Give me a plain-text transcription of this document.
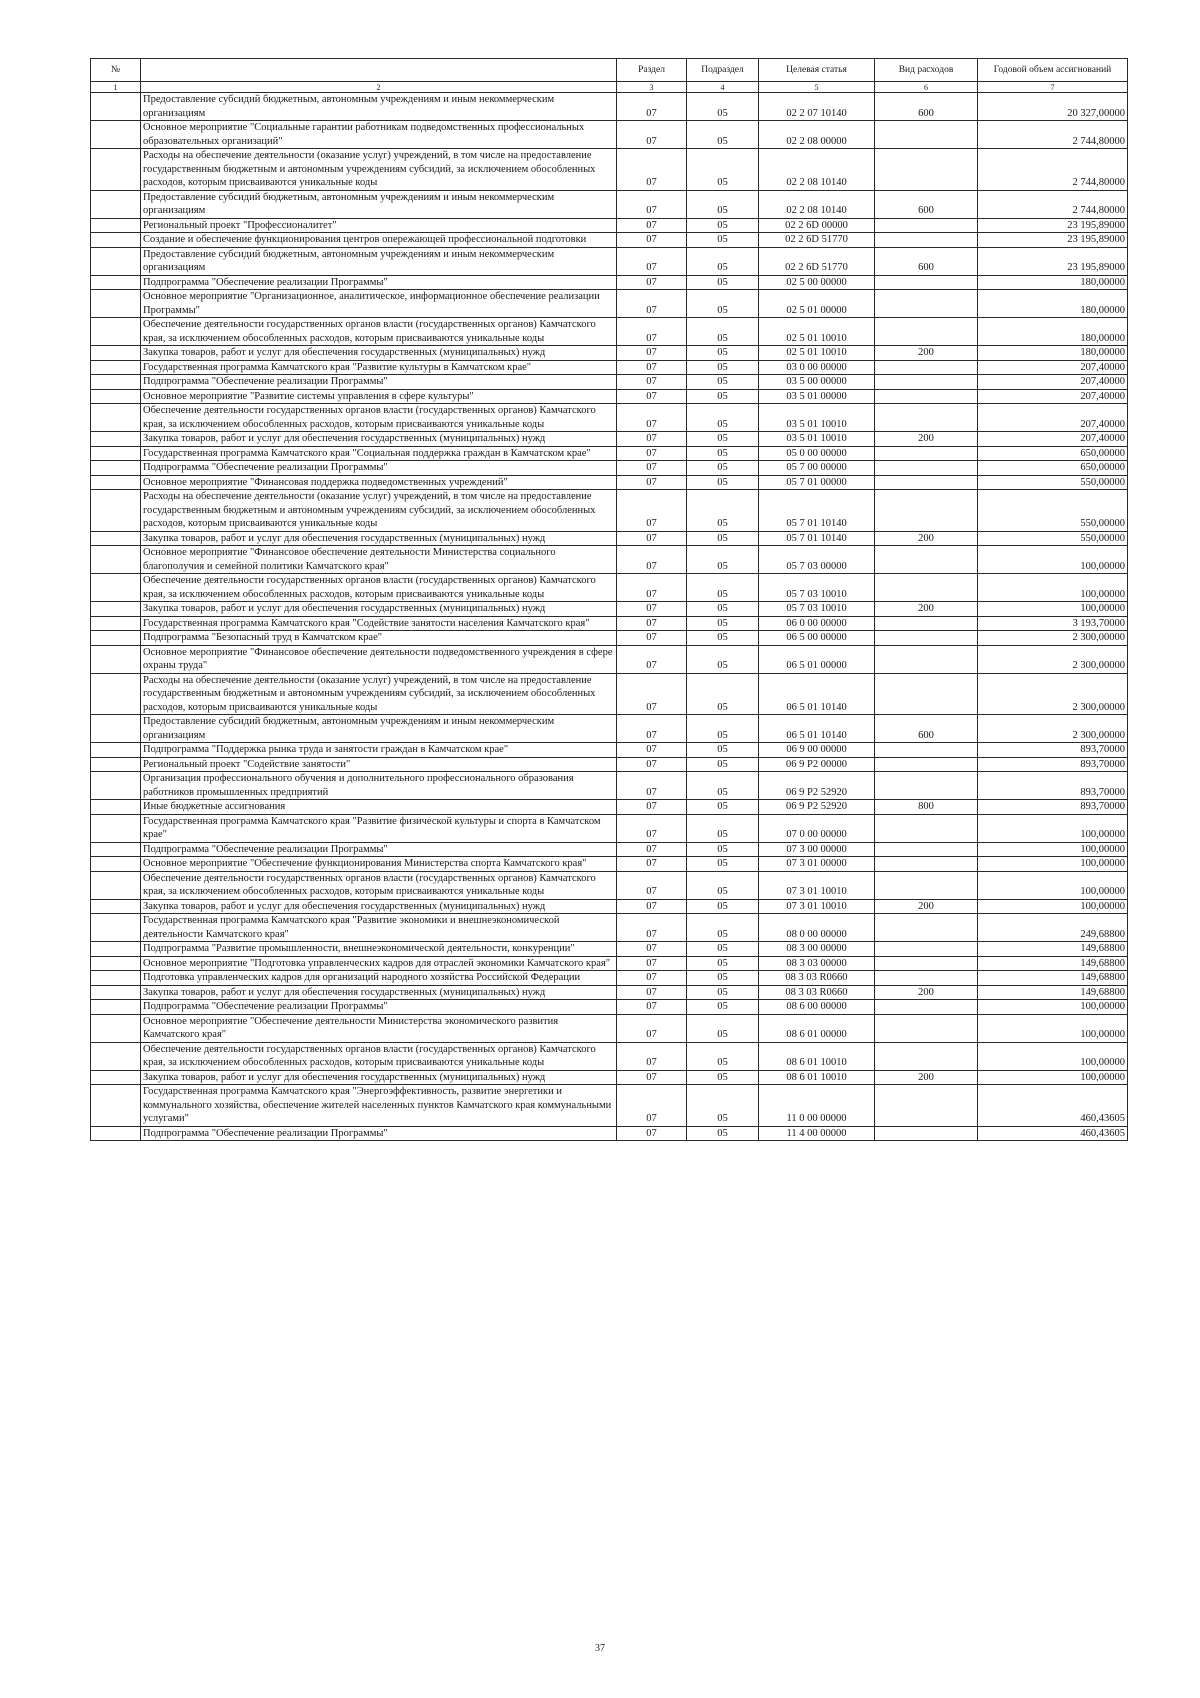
№		Раздел	Подраздел	Целевая статья	Вид расходов	Годовой объем ассигнований
1	2	3	4	5	6	7
	Предоставление субсидий бюджетным, автономным учреждениям и иным некоммерческим организациям	07	05	02 2 07 10140	600	20 327,00000
	Основное мероприятие "Социальные гарантии работникам подведомственных профессиональных образовательных организаций"	07	05	02 2 08 00000		2 744,80000
	Расходы на обеспечение деятельности (оказание услуг) учреждений, в том числе на предоставление государственным бюджетным и автономным учреждениям субсидий, за исключением обособленных расходов, которым присваиваются уникальные коды	07	05	02 2 08 10140		2 744,80000
	Предоставление субсидий бюджетным, автономным учреждениям и иным некоммерческим организациям	07	05	02 2 08 10140	600	2 744,80000
	Региональный проект "Профессионалитет"	07	05	02 2 6D 00000		23 195,89000
	Создание и обеспечение функционирования центров опережающей профессиональной подготовки	07	05	02 2 6D 51770		23 195,89000
	Предоставление субсидий бюджетным, автономным учреждениям и иным некоммерческим организациям	07	05	02 2 6D 51770	600	23 195,89000
	Подпрограмма "Обеспечение реализации Программы"	07	05	02 5 00 00000		180,00000
	Основное мероприятие "Организационное, аналитическое, информационное обеспечение реализации Программы"	07	05	02 5 01 00000		180,00000
	Обеспечение деятельности государственных органов власти (государственных органов) Камчатского края, за исключением обособленных расходов, которым присваиваются уникальные коды	07	05	02 5 01 10010		180,00000
	Закупка товаров, работ и услуг для обеспечения государственных (муниципальных) нужд	07	05	02 5 01 10010	200	180,00000
	Государственная программа Камчатского края "Развитие культуры в Камчатском крае"	07	05	03 0 00 00000		207,40000
	Подпрограмма "Обеспечение реализации Программы"	07	05	03 5 00 00000		207,40000
	Основное мероприятие "Развитие системы управления в сфере культуры"	07	05	03 5 01 00000		207,40000
	Обеспечение деятельности государственных органов власти (государственных органов) Камчатского края, за исключением обособленных расходов, которым присваиваются уникальные коды	07	05	03 5 01 10010		207,40000
	Закупка товаров, работ и услуг для обеспечения государственных (муниципальных) нужд	07	05	03 5 01 10010	200	207,40000
	Государственная программа Камчатского края "Социальная поддержка граждан в Камчатском крае"	07	05	05 0 00 00000		650,00000
	Подпрограмма "Обеспечение реализации Программы"	07	05	05 7 00 00000		650,00000
	Основное мероприятие "Финансовая поддержка подведомственных учреждений"	07	05	05 7 01 00000		550,00000
	Расходы на обеспечение деятельности (оказание услуг) учреждений, в том числе на предоставление государственным бюджетным и автономным учреждениям субсидий, за исключением обособленных расходов, которым присваиваются уникальные коды	07	05	05 7 01 10140		550,00000
	Закупка товаров, работ и услуг для обеспечения государственных (муниципальных) нужд	07	05	05 7 01 10140	200	550,00000
	Основное мероприятие "Финансовое обеспечение деятельности Министерства социального благополучия и семейной политики Камчатского края"	07	05	05 7 03 00000		100,00000
	Обеспечение деятельности государственных органов власти (государственных органов) Камчатского края, за исключением обособленных расходов, которым присваиваются уникальные коды	07	05	05 7 03 10010		100,00000
	Закупка товаров, работ и услуг для обеспечения государственных (муниципальных) нужд	07	05	05 7 03 10010	200	100,00000
	Государственная программа Камчатского края "Содействие занятости населения Камчатского края"	07	05	06 0 00 00000		3 193,70000
	Подпрограмма "Безопасный труд в Камчатском крае"	07	05	06 5 00 00000		2 300,00000
	Основное мероприятие "Финансовое обеспечение деятельности подведомственного учреждения в сфере охраны труда"	07	05	06 5 01 00000		2 300,00000
	Расходы на обеспечение деятельности (оказание услуг) учреждений, в том числе на предоставление государственным бюджетным и автономным учреждениям субсидий, за исключением обособленных расходов, которым присваиваются уникальные коды	07	05	06 5 01 10140		2 300,00000
	Предоставление субсидий бюджетным, автономным учреждениям и иным некоммерческим организациям	07	05	06 5 01 10140	600	2 300,00000
	Подпрограмма "Поддержка рынка труда и занятости граждан в Камчатском крае"	07	05	06 9 00 00000		893,70000
	Региональный проект "Содействие занятости"	07	05	06 9 P2 00000		893,70000
	Организация профессионального обучения и дополнительного профессионального образования работников промышленных предприятий	07	05	06 9 P2 52920		893,70000
	Иные бюджетные ассигнования	07	05	06 9 P2 52920	800	893,70000
	Государственная программа Камчатского края "Развитие физической культуры и спорта в Камчатском крае"	07	05	07 0 00 00000		100,00000
	Подпрограмма "Обеспечение реализации Программы"	07	05	07 3 00 00000		100,00000
	Основное мероприятие "Обеспечение функционирования Министерства спорта Камчатского края"	07	05	07 3 01 00000		100,00000
	Обеспечение деятельности государственных органов власти (государственных органов) Камчатского края, за исключением обособленных расходов, которым присваиваются уникальные коды	07	05	07 3 01 10010		100,00000
	Закупка товаров, работ и услуг для обеспечения государственных (муниципальных) нужд	07	05	07 3 01 10010	200	100,00000
	Государственная программа Камчатского края "Развитие экономики и внешнеэкономической деятельности Камчатского края"	07	05	08 0 00 00000		249,68800
	Подпрограмма "Развитие промышленности, внешнеэкономической деятельности, конкуренции"	07	05	08 3 00 00000		149,68800
	Основное мероприятие "Подготовка управленческих кадров для отраслей экономики Камчатского края"	07	05	08 3 03 00000		149,68800
	Подготовка управленческих кадров для организаций народного хозяйства Российской Федерации	07	05	08 3 03 R0660		149,68800
	Закупка товаров, работ и услуг для обеспечения государственных (муниципальных) нужд	07	05	08 3 03 R0660	200	149,68800
	Подпрограмма "Обеспечение реализации Программы"	07	05	08 6 00 00000		100,00000
	Основное мероприятие "Обеспечение деятельности Министерства экономического развития Камчатского края"	07	05	08 6 01 00000		100,00000
	Обеспечение деятельности государственных органов власти (государственных органов) Камчатского края, за исключением обособленных расходов, которым присваиваются уникальные коды	07	05	08 6 01 10010		100,00000
	Закупка товаров, работ и услуг для обеспечения государственных (муниципальных) нужд	07	05	08 6 01 10010	200	100,00000
	Государственная программа Камчатского края "Энергоэффективность, развитие энергетики и коммунального хозяйства, обеспечение жителей населенных пунктов Камчатского края коммунальными услугами"	07	05	11 0 00 00000		460,43605
	Подпрограмма "Обеспечение реализации Программы"	07	05	11 4 00 00000		460,43605
37
